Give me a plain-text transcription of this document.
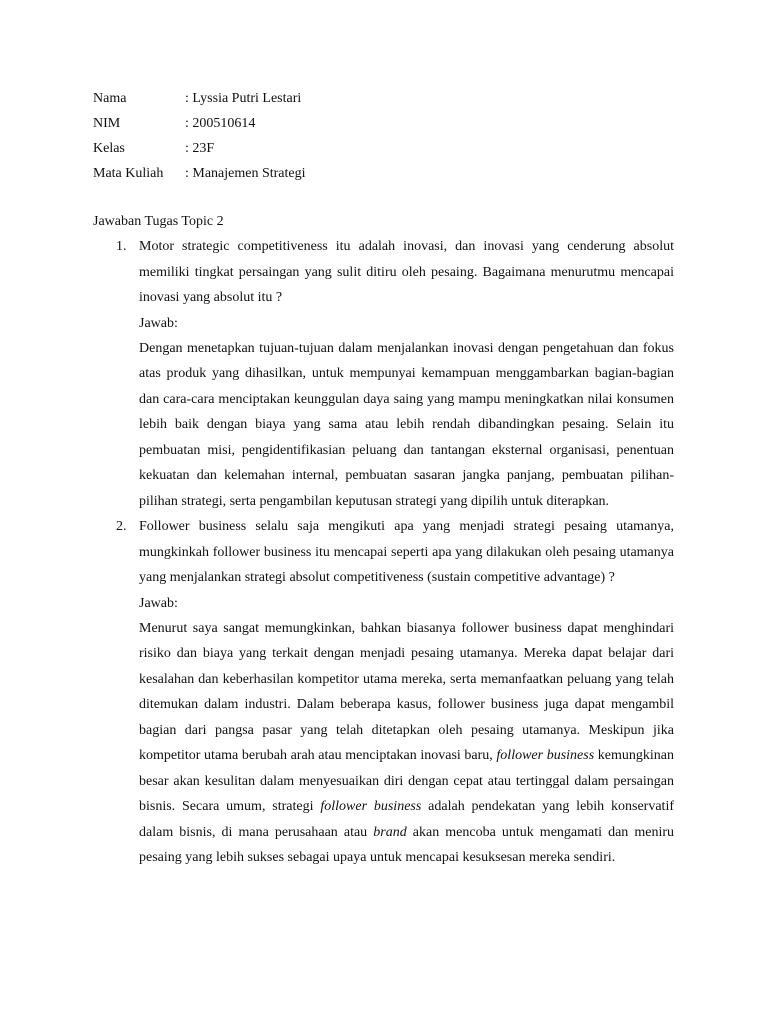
Nama	: Lyssia Putri Lestari
NIM	: 200510614
Kelas	: 23F
Mata Kuliah : Manajemen Strategi
Jawaban Tugas Topic 2
1. Motor strategic competitiveness itu adalah inovasi, dan inovasi yang cenderung absolut memiliki tingkat persaingan yang sulit ditiru oleh pesaing. Bagaimana menurutmu mencapai inovasi yang absolut itu ?

Jawab:

Dengan menetapkan tujuan-tujuan dalam menjalankan inovasi dengan pengetahuan dan fokus atas produk yang dihasilkan, untuk mempunyai kemampuan menggambarkan bagian-bagian dan cara-cara menciptakan keunggulan daya saing yang mampu meningkatkan nilai konsumen lebih baik dengan biaya yang sama atau lebih rendah dibandingkan pesaing. Selain itu pembuatan misi, pengidentifikasian peluang dan tantangan eksternal organisasi, penentuan kekuatan dan kelemahan internal, pembuatan sasaran jangka panjang, pembuatan pilihan-pilihan strategi, serta pengambilan keputusan strategi yang dipilih untuk diterapkan.

2. Follower business selalu saja mengikuti apa yang menjadi strategi pesaing utamanya, mungkinkah follower business itu mencapai seperti apa yang dilakukan oleh pesaing utamanya yang menjalankan strategi absolut competitiveness (sustain competitive advantage) ?

Jawab:

Menurut saya sangat memungkinkan, bahkan biasanya follower business dapat menghindari risiko dan biaya yang terkait dengan menjadi pesaing utamanya. Mereka dapat belajar dari kesalahan dan keberhasilan kompetitor utama mereka, serta memanfaatkan peluang yang telah ditemukan dalam industri. Dalam beberapa kasus, follower business juga dapat mengambil bagian dari pangsa pasar yang telah ditetapkan oleh pesaing utamanya. Meskipun jika kompetitor utama berubah arah atau menciptakan inovasi baru, follower business kemungkinan besar akan kesulitan dalam menyesuaikan diri dengan cepat atau tertinggal dalam persaingan bisnis. Secara umum, strategi follower business adalah pendekatan yang lebih konservatif dalam bisnis, di mana perusahaan atau brand akan mencoba untuk mengamati dan meniru pesaing yang lebih sukses sebagai upaya untuk mencapai kesuksesan mereka sendiri.
